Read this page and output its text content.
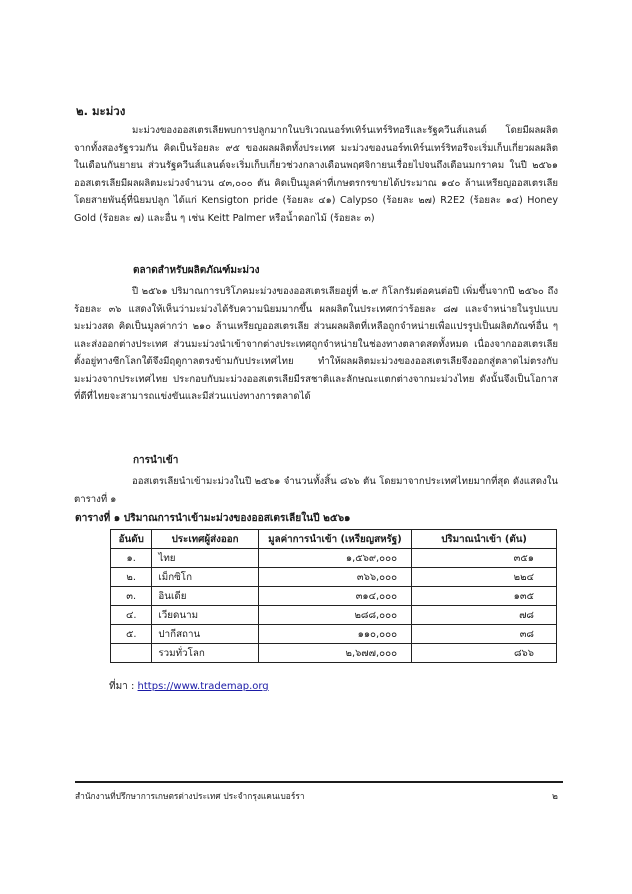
๒. มะม่วง

มะม่วงของออสเตรเลียพบการปลูกมากในบริเวณนอร์ทเทิร์นเทร์ริทอรีและรัฐควีนส์แลนด์ โดยมีผลผลิตจากทั้งสองรัฐรวมกัน คิดเป็นร้อยละ ๙๕ ของผลผลิตทั้งประเทศ มะม่วงของนอร์ทเทิร์นเทร์ริทอรีจะเริ่มเก็บเกี่ยวผลผลิตในเดือนกันยายน ส่วนรัฐควีนส์แลนด์จะเริ่มเก็บเกี่ยวช่วงกลางเดือนพฤศจิกายนเรื่อยไปจนถึงเดือนมกราคม ในปี ๒๕๖๑ ออสเตรเลียมีผลผลิตมะม่วงจำนวน ๔๓,๐๐๐ ตัน คิดเป็นมูลค่าที่เกษตรกรขายได้ประมาณ ๑๔๐ ล้านเหรียญออสเตรเลีย โดยสายพันธุ์ที่นิยมปลูก ได้แก่ Kensigton pride (ร้อยละ ๔๑) Calypso (ร้อยละ ๒๗) R2E2 (ร้อยละ ๑๔) Honey Gold (ร้อยละ ๗) และอื่น ๆ เช่น Keitt Palmer หรือน้ำดอกไม้ (ร้อยละ ๓)

ตลาดสำหรับผลิตภัณฑ์มะม่วง

ปี ๒๕๖๑ ปริมาณการบริโภคมะม่วงของออสเตรเลียอยู่ที่ ๒.๙ กิโลกรัมต่อคนต่อปี เพิ่มขึ้นจากปี ๒๕๖๐ ถึงร้อยละ ๓๖ แสดงให้เห็นว่ามะม่วงได้รับความนิยมมากขึ้น ผลผลิตในประเทศกว่าร้อยละ ๘๗ และจำหน่ายในรูปแบบมะม่วงสด คิดเป็นมูลค่ากว่า ๒๑๐ ล้านเหรียญออสเตรเลีย ส่วนผลผลิตที่เหลือถูกจำหน่ายเพื่อแปรรูปเป็นผลิตภัณฑ์อื่น ๆ และส่งออกต่างประเทศ ส่วนมะม่วงนำเข้าจากต่างประเทศถูกจำหน่ายในช่องทางตลาดสดทั้งหมด เนื่องจากออสเตรเลียตั้งอยู่ทางซีกโลกใต้จึงมีฤดูกาลตรงข้ามกับประเทศไทย ทำให้ผลผลิตมะม่วงของออสเตรเลียจึงออกสู่ตลาดไม่ตรงกับมะม่วงจากประเทศไทย ประกอบกับมะม่วงออสเตรเลียมีรสชาติและลักษณะแตกต่างจากมะม่วงไทย ดังนั้นจึงเป็นโอกาสที่ดีที่ไทยจะสามารถแข่งขันและมีส่วนแบ่งทางการตลาดได้

การนำเข้า

ออสเตรเลียนำเข้ามะม่วงในปี ๒๕๖๑ จำนวนทั้งสิ้น ๘๖๖ ตัน โดยมาจากประเทศไทยมากที่สุด ดังแสดงในตารางที่ ๑

ตารางที่ ๑ ปริมาณการนำเข้ามะม่วงของออสเตรเลียในปี ๒๕๖๑
อันดับ	ประเทศผู้ส่งออก	มูลค่าการนำเข้า (เหรียญสหรัฐ)	ปริมาณนำเข้า (ตัน)
๑.	ไทย	๑,๕๖๙,๐๐๐	๓๕๑
๒.	เม็กซิโก	๓๖๖,๐๐๐	๒๒๔
๓.	อินเดีย	๓๑๔,๐๐๐	๑๓๕
๔.	เวียดนาม	๒๘๘,๐๐๐	๗๘
๕.	ปากีสถาน	๑๑๐,๐๐๐	๓๘
	รวมทั่วโลก	๒,๖๗๗,๐๐๐	๘๖๖
ที่มา : https://www.trademap.org
สำนักงานที่ปรึกษาการเกษตรต่างประเทศ ประจำกรุงแคนเบอร์รา	๒
